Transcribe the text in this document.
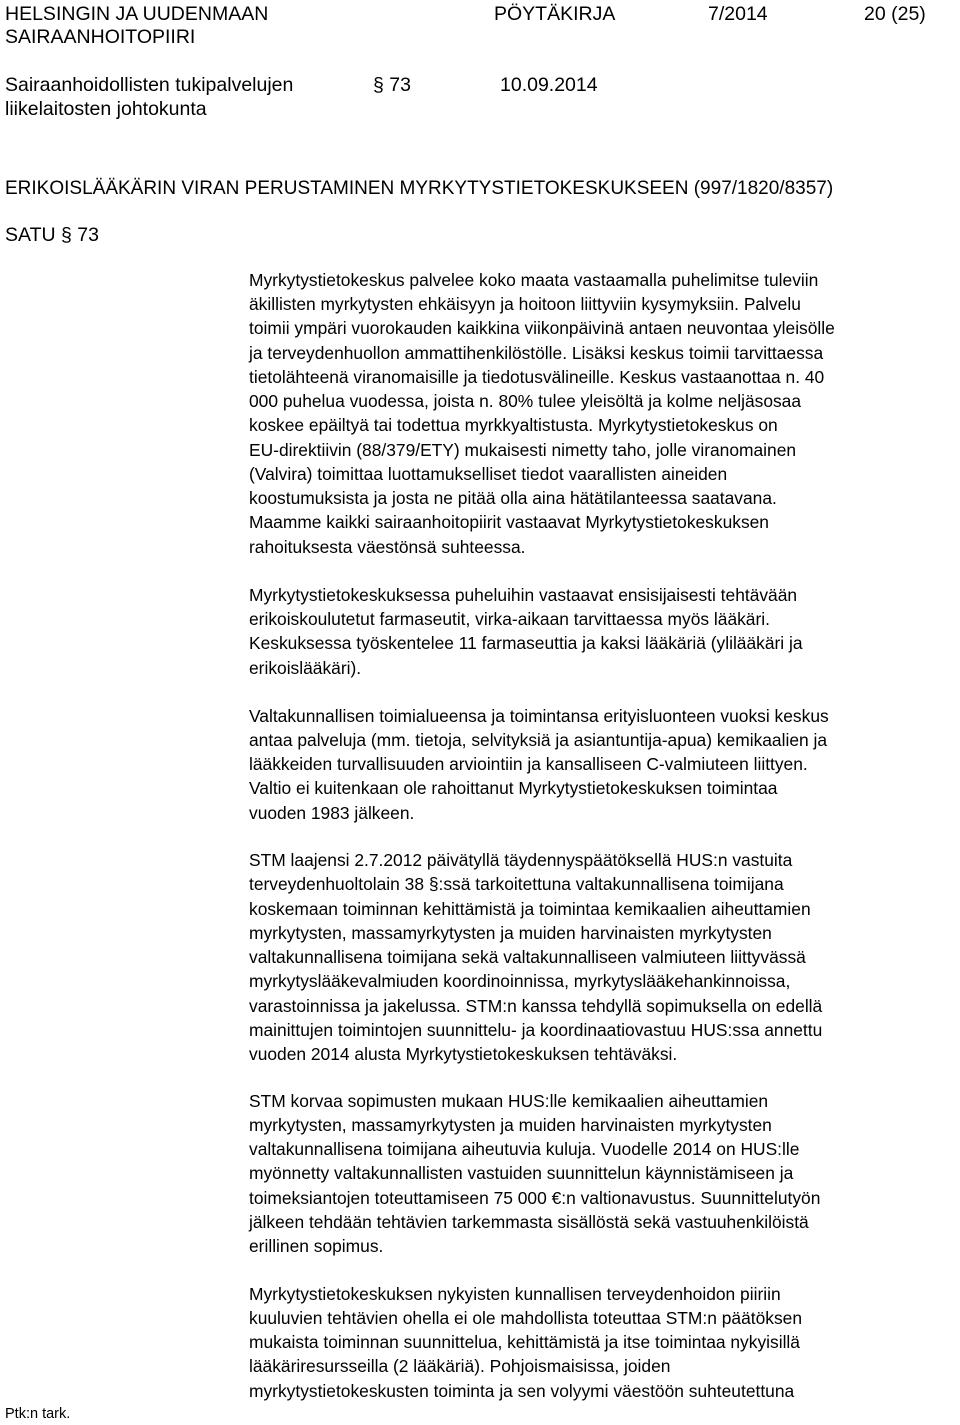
HELSINGIN JA UUDENMAAN
SAIRAANHOITOPIIRI
PÖYTÄKIRJA	7/2014	20 (25)
Sairaanhoidollisten tukipalvelujen
liikelaitosten johtokunta
§ 73	10.09.2014
ERIKOISLÄÄKÄRIN VIRAN PERUSTAMINEN MYRKYTYSTIETOKESKUKSEEN (997/1820/8357)
SATU § 73
Myrkytystietokeskus palvelee koko maata vastaamalla puhelimitse tuleviin
äkillisten myrkytysten ehkäisyyn ja hoitoon liittyviin kysymyksiin. Palvelu
toimii ympäri vuorokauden kaikkina viikonpäivinä antaen neuvontaa yleisölle
ja terveydenhuollon ammattihenkilöstölle. Lisäksi keskus toimii tarvittaessa
tietolähteenä viranomaisille ja tiedotusvälineille. Keskus vastaanottaa n. 40
000 puhelua vuodessa, joista n. 80% tulee yleisöltä ja kolme neljäsosaa
koskee epäiltyä tai todettua myrkkyaltistusta. Myrkytystietokeskus on
EU-direktiivin (88/379/ETY) mukaisesti nimetty taho, jolle viranomainen
(Valvira) toimittaa luottamukselliset tiedot vaarallisten aineiden
koostumuksista ja josta ne pitää olla aina hätätilanteessa saatavana.
Maamme kaikki sairaanhoitopiirit vastaavat Myrkytystietokeskuksen
rahoituksesta väestönsä suhteessa.
Myrkytystietokeskuksessa puheluihin vastaavat ensisijaisesti tehtävään
erikoiskoulutetut farmaseutit, virka-aikaan tarvittaessa myös lääkäri.
Keskuksessa työskentelee 11 farmaseuttia ja kaksi lääkäriä (ylilääkäri ja
erikoislääkäri).
Valtakunnallisen toimialueensa ja toimintansa erityisluonteen vuoksi keskus
antaa palveluja (mm. tietoja, selvityksiä ja asiantuntija-apua) kemikaalien ja
lääkkeiden turvallisuuden arviointiin ja kansalliseen C-valmiuteen liittyen.
Valtio ei kuitenkaan ole rahoittanut Myrkytystietokeskuksen toimintaa
vuoden 1983 jälkeen.
STM laajensi 2.7.2012 päivätyllä täydennyspäätöksellä HUS:n vastuita
terveydenhuoltolain 38 §:ssä tarkoitettuna valtakunnallisena toimijana
koskemaan toiminnan kehittämistä ja toimintaa kemikaalien aiheuttamien
myrkytysten, massamyrkytysten ja muiden harvinaisten myrkytysten
valtakunnallisena toimijana sekä valtakunnalliseen valmiuteen liittyvässä
myrkytyslääkevalmiuden koordinoinnissa, myrkytyslääkehankinnoissa,
varastoinnissa ja jakelussa. STM:n kanssa tehdyllä sopimuksella on edellä
mainittujen toimintojen suunnittelu- ja koordinaatiovastuu HUS:ssa annettu
vuoden 2014 alusta Myrkytystietokeskuksen tehtäväksi.
STM korvaa sopimusten mukaan HUS:lle kemikaalien aiheuttamien
myrkytysten, massamyrkytysten ja muiden harvinaisten myrkytysten
valtakunnallisena toimijana aiheutuvia kuluja. Vuodelle 2014 on HUS:lle
myönnetty valtakunnallisten vastuiden suunnittelun käynnistämiseen ja
toimeksiantojen toteuttamiseen 75 000 €:n valtionavustus. Suunnittelutyön
jälkeen tehdään tehtävien tarkemmasta sisällöstä sekä vastuuhenkilöistä
erillinen sopimus.
Myrkytystietokeskuksen nykyisten kunnallisen terveydenhoidon piiriin
kuuluvien tehtävien ohella ei ole mahdollista toteuttaa STM:n päätöksen
mukaista toiminnan suunnittelua, kehittämistä ja itse toimintaa nykyisillä
lääkäriresursseilla (2 lääkäriä). Pohjoismaisissa, joiden
myrkytystietokeskusten toiminta ja sen volyymi väestöön suhteutettuna
Ptk:n tark.
